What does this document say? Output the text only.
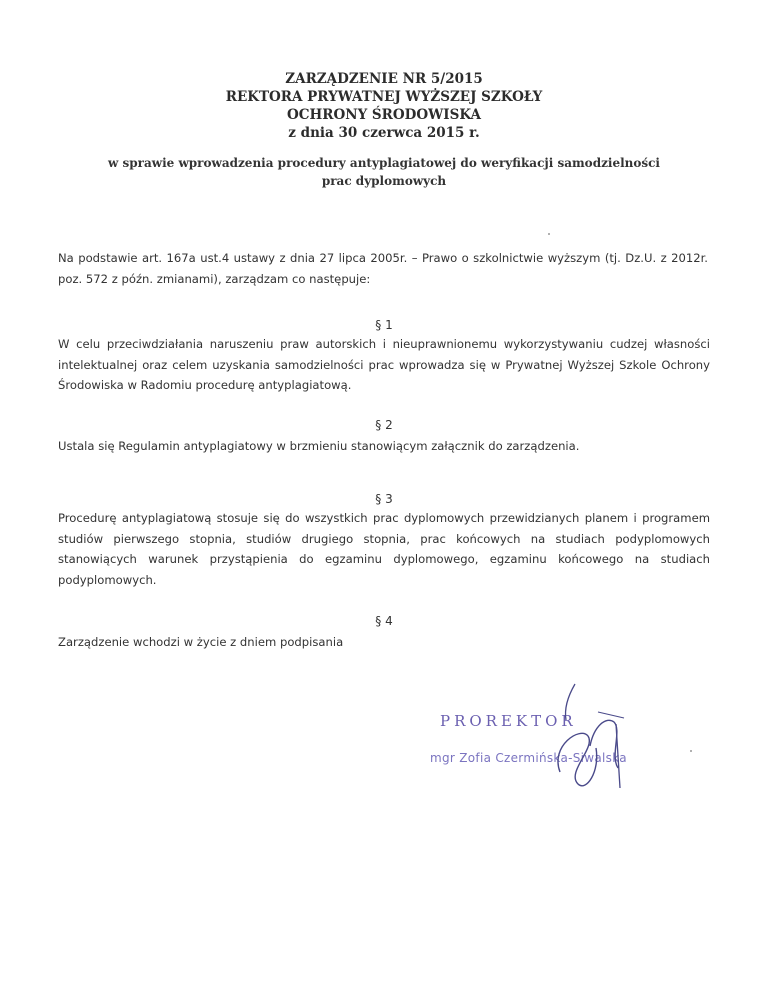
ZARZĄDZENIE NR 5/2015
REKTORA PRYWATNEJ WYŻSZEJ SZKOŁY
OCHRONY ŚRODOWISKA
z dnia 30 czerwca 2015 r.
w sprawie wprowadzenia procedury antyplagiatowej do weryfikacji samodzielności
prac dyplomowych
Na podstawie art. 167a ust.4 ustawy z dnia 27 lipca 2005r. – Prawo o szkolnictwie wyższym (tj. Dz.U. z 2012r. poz. 572 z późn. zmianami), zarządzam co następuje:
§ 1
W celu przeciwdziałania naruszeniu praw autorskich i nieuprawnionemu wykorzystywaniu cudzej własności intelektualnej oraz celem uzyskania samodzielności prac wprowadza się w Prywatnej Wyższej Szkole Ochrony Środowiska w Radomiu procedurę antyplagiatową.
§ 2
Ustala się Regulamin antyplagiatowy w brzmieniu stanowiącym załącznik do zarządzenia.
§ 3
Procedurę antyplagiatową stosuje się do wszystkich prac dyplomowych przewidzianych planem i programem studiów pierwszego stopnia, studiów drugiego stopnia, prac końcowych na studiach podyplomowych stanowiących warunek przystąpienia do egzaminu dyplomowego, egzaminu końcowego na studiach podyplomowych.
§ 4
Zarządzenie wchodzi w życie z dniem podpisania
PROREKTOR
mgr Zofia Czermińska-Siwalska
